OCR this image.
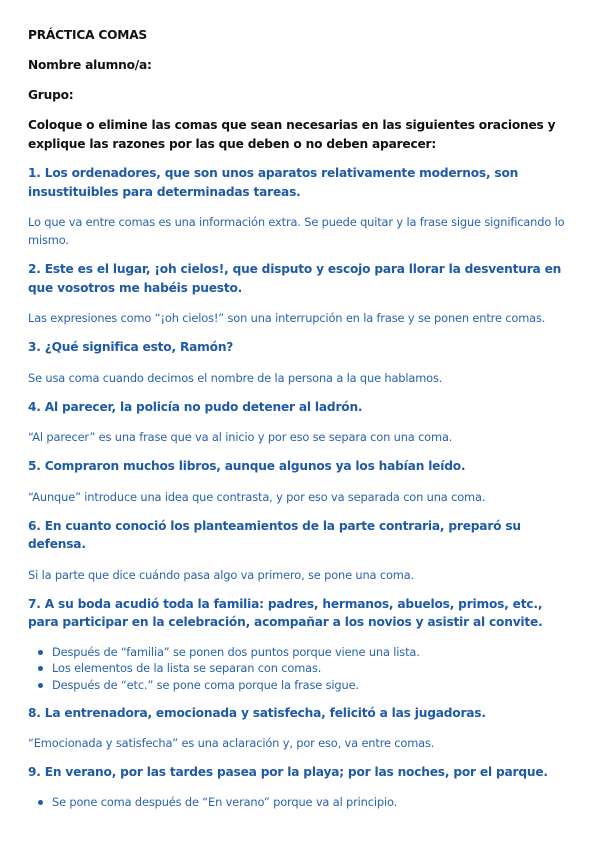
PRÁCTICA COMAS
Nombre alumno/a:
Grupo:
Coloque o elimine las comas que sean necesarias en las siguientes oraciones y explique las razones por las que deben o no deben aparecer:
1. Los ordenadores, que son unos aparatos relativamente modernos, son insustituibles para determinadas tareas.
Lo que va entre comas es una información extra. Se puede quitar y la frase sigue significando lo mismo.
2. Este es el lugar, ¡oh cielos!, que disputo y escojo para llorar la desventura en que vosotros me habéis puesto.
Las expresiones como “¡oh cielos!” son una interrupción en la frase y se ponen entre comas.
3. ¿Qué significa esto, Ramón?
Se usa coma cuando decimos el nombre de la persona a la que hablamos.
4. Al parecer, la policía no pudo detener al ladrón.
“Al parecer” es una frase que va al inicio y por eso se separa con una coma.
5. Compraron muchos libros, aunque algunos ya los habían leído.
“Aunque” introduce una idea que contrasta, y por eso va separada con una coma.
6. En cuanto conoció los planteamientos de la parte contraria, preparó su defensa.
Si la parte que dice cuándo pasa algo va primero, se pone una coma.
7. A su boda acudió toda la familia: padres, hermanos, abuelos, primos, etc., para participar en la celebración, acompañar a los novios y asistir al convite.
Después de “familia” se ponen dos puntos porque viene una lista.
Los elementos de la lista se separan con comas.
Después de “etc.” se pone coma porque la frase sigue.
8. La entrenadora, emocionada y satisfecha, felicitó a las jugadoras.
“Emocionada y satisfecha” es una aclaración y, por eso, va entre comas.
9. En verano, por las tardes pasea por la playa; por las noches, por el parque.
Se pone coma después de “En verano” porque va al principio.
